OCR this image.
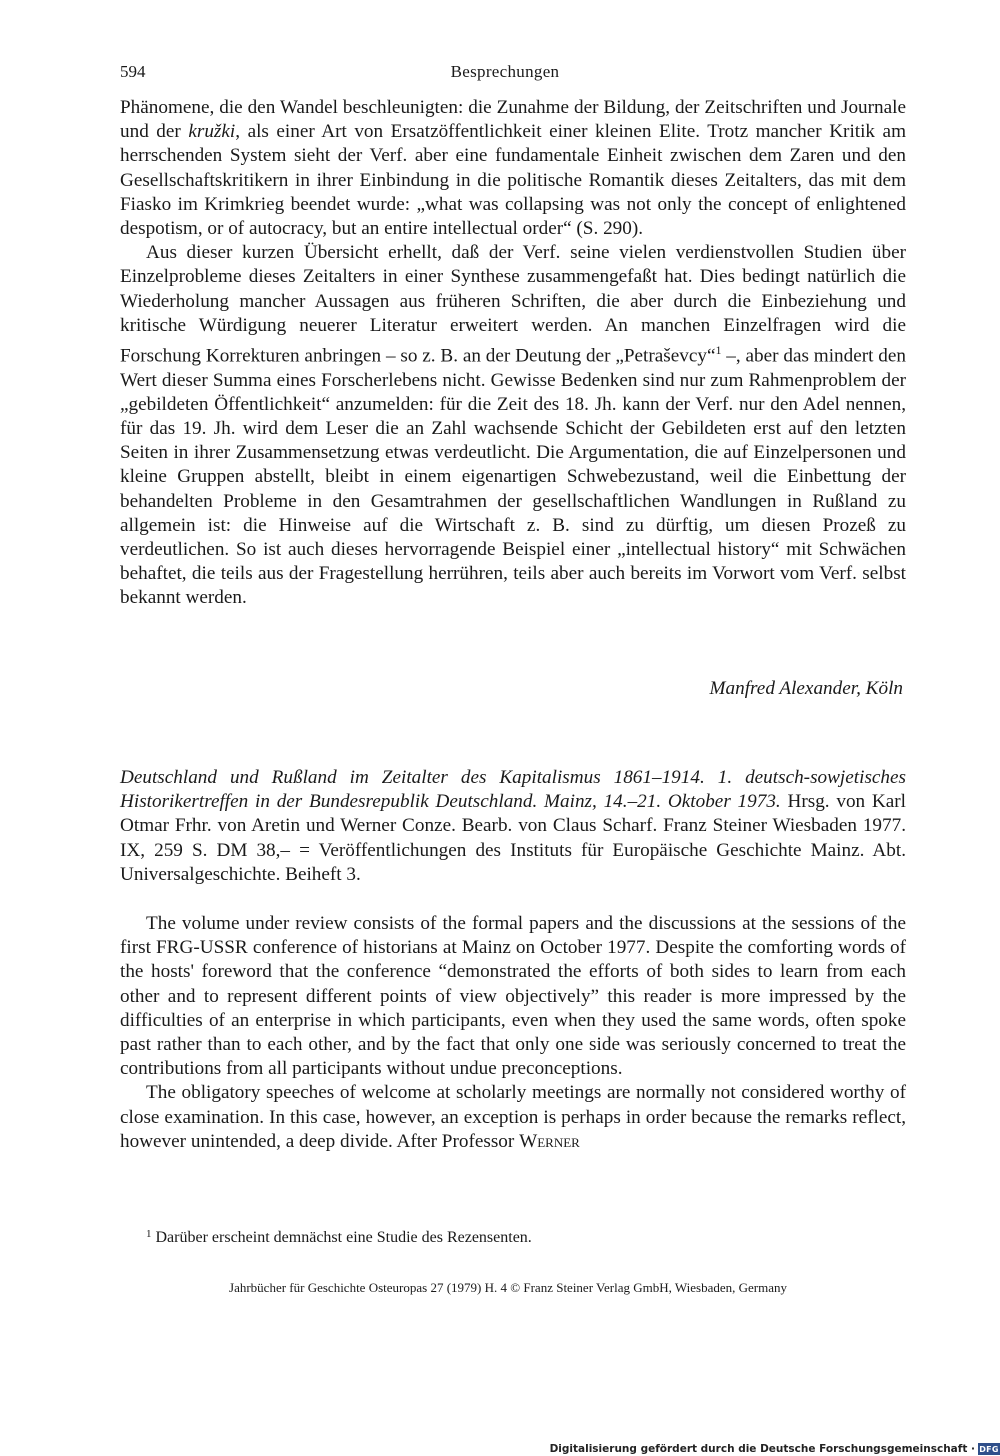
594	Besprechungen

Phänomene, die den Wandel beschleunigten: die Zunahme der Bildung, der Zeitschriften und Journale und der kružki, als einer Art von Ersatzöffentlichkeit einer kleinen Elite. Trotz mancher Kritik am herrschenden System sieht der Verf. aber eine fundamentale Einheit zwischen dem Zaren und den Gesellschaftskritikern in ihrer Einbindung in die politische Romantik dieses Zeitalters, das mit dem Fiasko im Krimkrieg beendet wurde: „what was collapsing was not only the concept of enlightened despotism, or of autocracy, but an entire intellectual order“ (S. 290).

Aus dieser kurzen Übersicht erhellt, daß der Verf. seine vielen verdienstvollen Studien über Einzelprobleme dieses Zeitalters in einer Synthese zusammengefaßt hat. Dies bedingt natürlich die Wiederholung mancher Aussagen aus früheren Schriften, die aber durch die Einbeziehung und kritische Würdigung neuerer Literatur erweitert werden. An manchen Einzelfragen wird die Forschung Korrekturen anbringen – so z. B. an der Deutung der „Petraševcy“$^1$ –, aber das mindert den Wert dieser Summa eines Forscherlebens nicht. Gewisse Bedenken sind nur zum Rahmenproblem der „gebildeten Öffentlichkeit“ anzumelden: für die Zeit des 18. Jh. kann der Verf. nur den Adel nennen, für das 19. Jh. wird dem Leser die an Zahl wachsende Schicht der Gebildeten erst auf den letzten Seiten in ihrer Zusammensetzung etwas verdeutlicht. Die Argumentation, die auf Einzelpersonen und kleine Gruppen abstellt, bleibt in einem eigenartigen Schwebezustand, weil die Einbettung der behandelten Probleme in den Gesamtrahmen der gesellschaftlichen Wandlungen in Rußland zu allgemein ist: die Hinweise auf die Wirtschaft z. B. sind zu dürftig, um diesen Prozeß zu verdeutlichen. So ist auch dieses hervorragende Beispiel einer „intellectual history“ mit Schwächen behaftet, die teils aus der Fragestellung herrühren, teils aber auch bereits im Vorwort vom Verf. selbst bekannt werden.

Manfred Alexander, Köln
Deutschland und Rußland im Zeitalter des Kapitalismus 1861–1914. 1. deutsch-sowjetisches Historikertreffen in der Bundesrepublik Deutschland. Mainz, 14.–21. Oktober 1973. Hrsg. von Karl Otmar Frhr. von Aretin und Werner Conze. Bearb. von Claus Scharf. Franz Steiner Wiesbaden 1977. IX, 259 S. DM 38,– = Veröffentlichungen des Instituts für Europäische Geschichte Mainz. Abt. Universalgeschichte. Beiheft 3.

The volume under review consists of the formal papers and the discussions at the sessions of the first FRG-USSR conference of historians at Mainz on October 1977. Despite the comforting words of the hosts' foreword that the conference “demonstrated the efforts of both sides to learn from each other and to represent different points of view objectively” this reader is more impressed by the difficulties of an enterprise in which participants, even when they used the same words, often spoke past rather than to each other, and by the fact that only one side was seriously concerned to treat the contributions from all participants without undue preconceptions.

The obligatory speeches of welcome at scholarly meetings are normally not considered worthy of close examination. In this case, however, an exception is perhaps in order because the remarks reflect, however unintended, a deep divide. After Professor Werner

$^1$ Darüber erscheint demnächst eine Studie des Rezensenten.
Jahrbücher für Geschichte Osteuropas 27 (1979) H. 4 © Franz Steiner Verlag GmbH, Wiesbaden, Germany
Digitalisierung gefördert durch die Deutsche Forschungsgemeinschaft · DFG
